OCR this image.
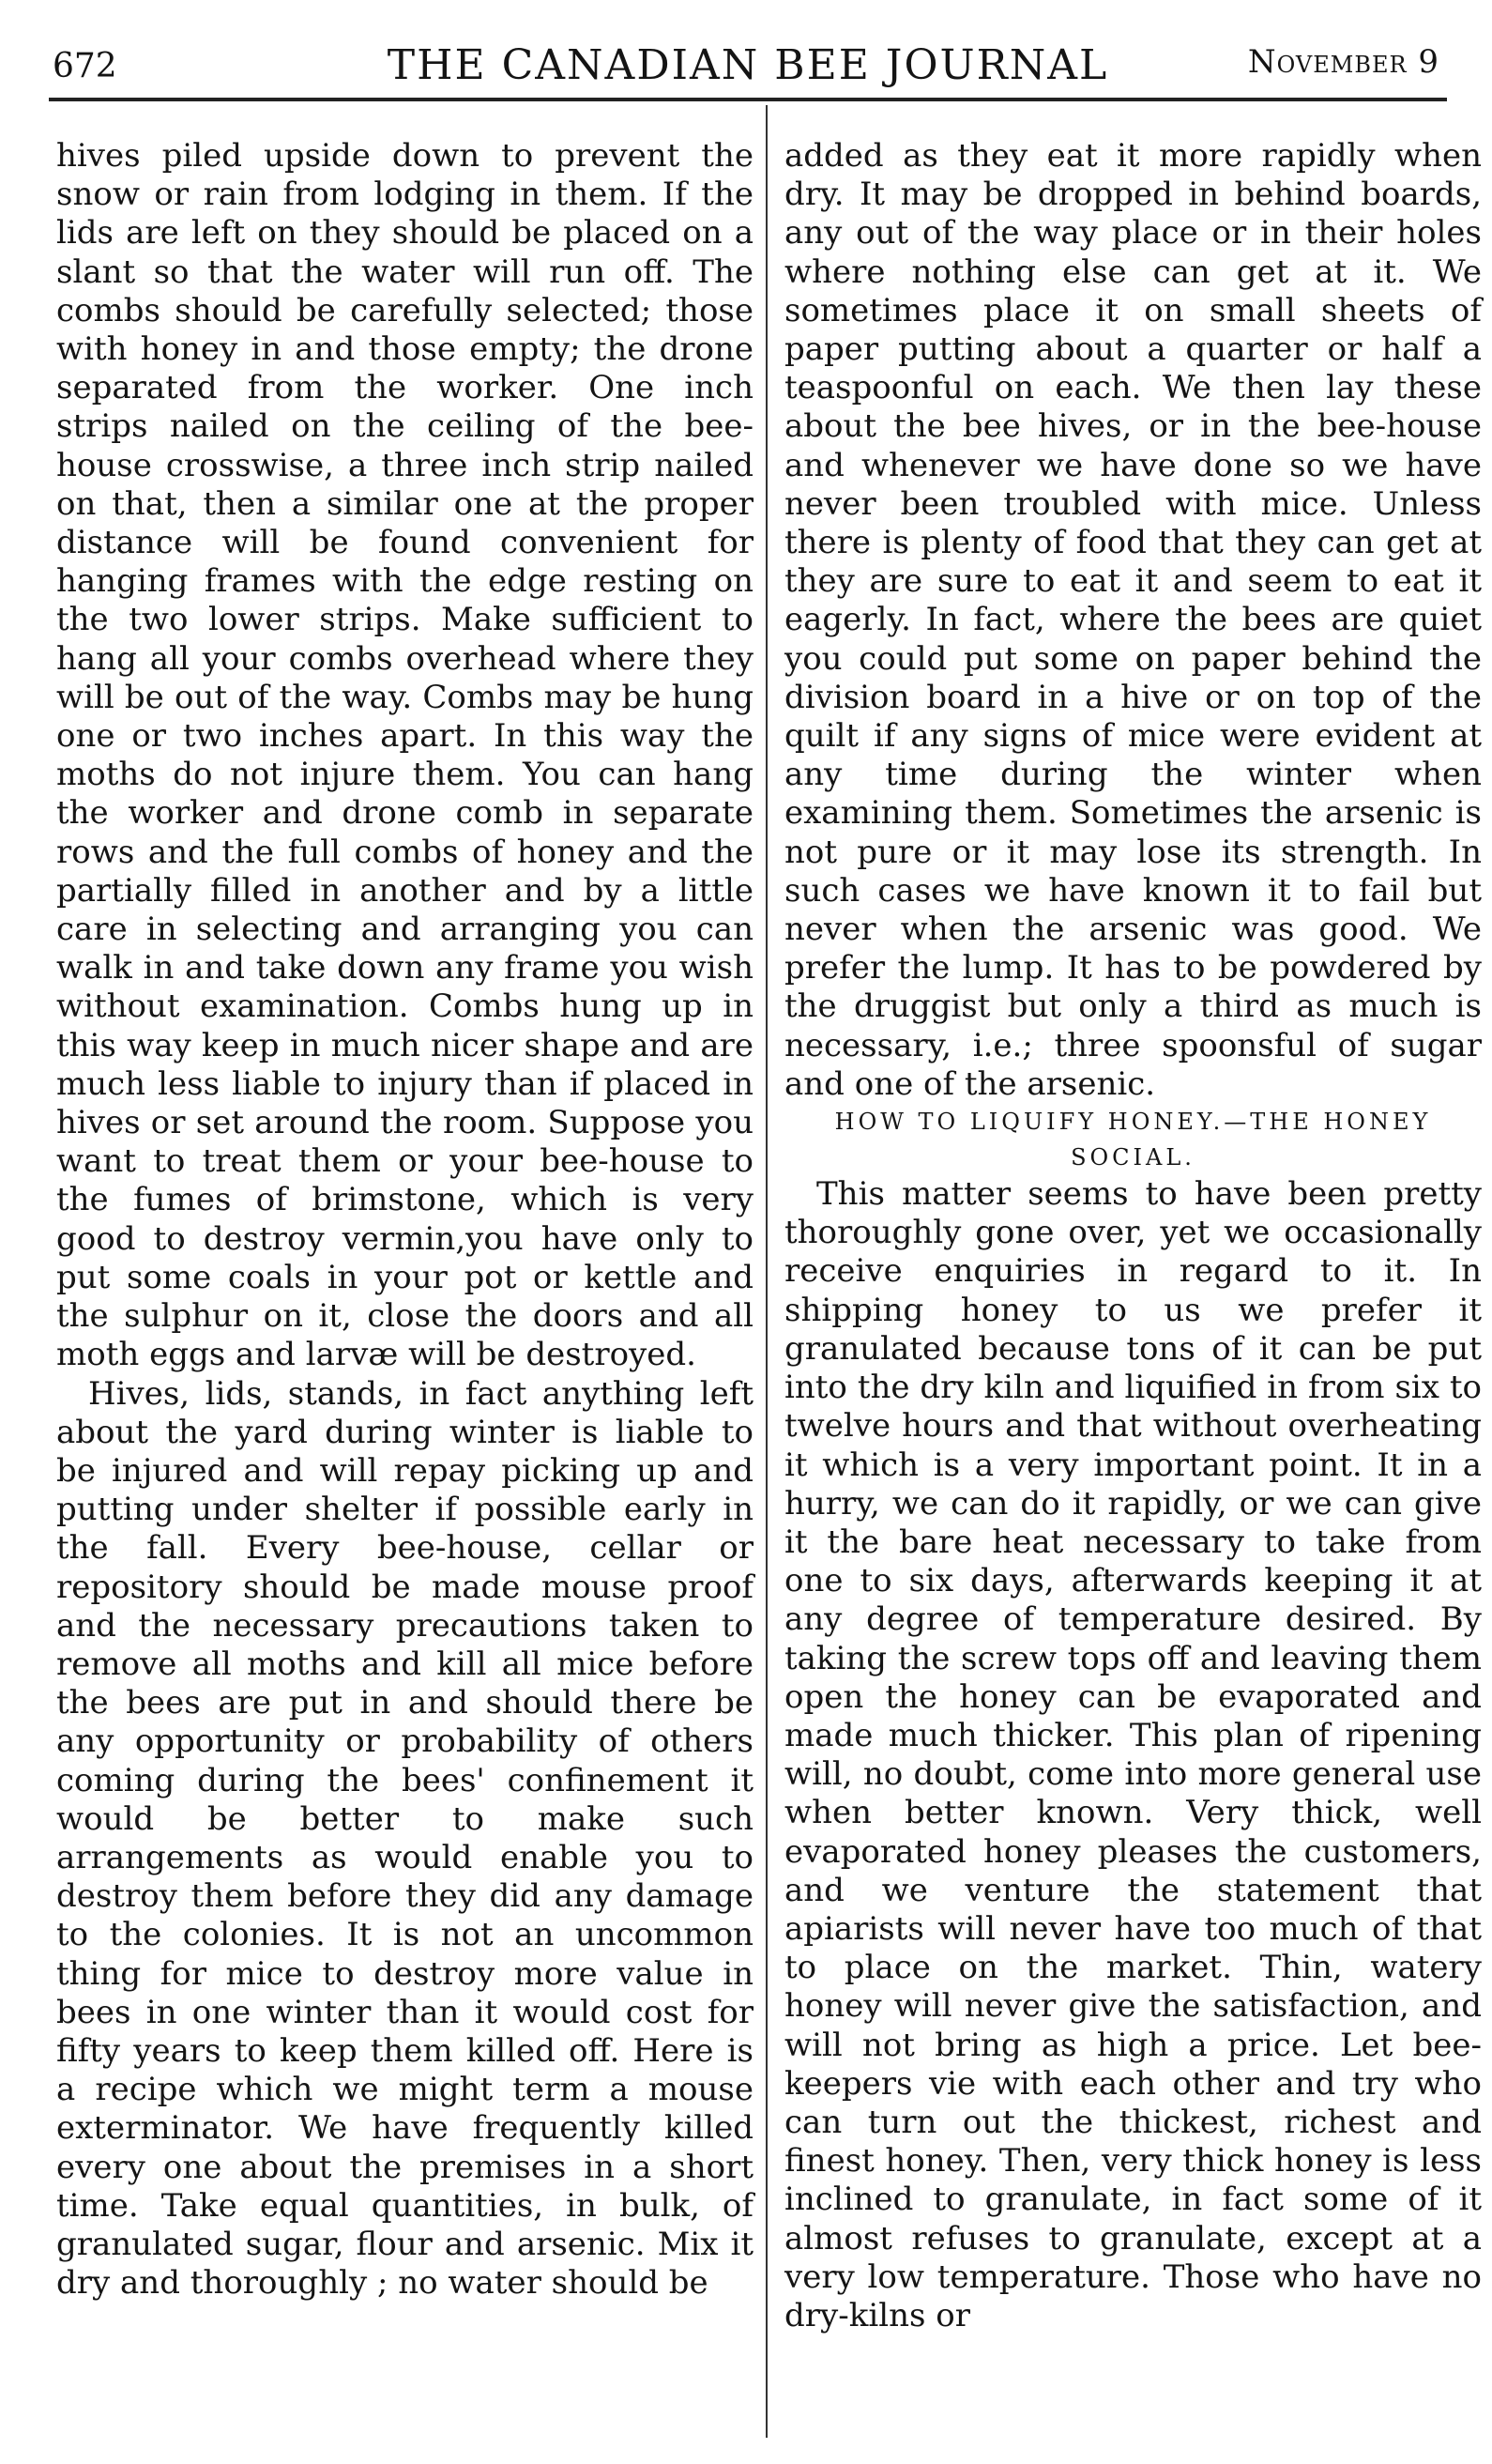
672	THE CANADIAN BEE JOURNAL	November 9

hives piled upside down to prevent the snow or rain from lodging in them. If the lids are left on they should be placed on a slant so that the water will run off. The combs should be carefully selected; those with honey in and those empty; the drone separated from the worker. One inch strips nailed on the ceiling of the bee-house crosswise, a three inch strip nailed on that, then a similar one at the proper distance will be found convenient for hanging frames with the edge resting on the two lower strips. Make sufficient to hang all your combs overhead where they will be out of the way. Combs may be hung one or two inches apart. In this way the moths do not injure them. You can hang the worker and drone comb in separate rows and the full combs of honey and the partially filled in another and by a little care in selecting and arranging you can walk in and take down any frame you wish without examination. Combs hung up in this way keep in much nicer shape and are much less liable to injury than if placed in hives or set around the room. Suppose you want to treat them or your bee-house to the fumes of brimstone, which is very good to destroy vermin,you have only to put some coals in your pot or kettle and the sulphur on it, close the doors and all moth eggs and larvæ will be destroyed.

Hives, lids, stands, in fact anything left about the yard during winter is liable to be injured and will repay picking up and putting under shelter if possible early in the fall. Every bee-house, cellar or repository should be made mouse proof and the necessary precautions taken to remove all moths and kill all mice before the bees are put in and should there be any opportunity or probability of others coming during the bees' confinement it would be better to make such arrangements as would enable you to destroy them before they did any damage to the colonies. It is not an uncommon thing for mice to destroy more value in bees in one winter than it would cost for fifty years to keep them killed off. Here is a recipe which we might term a mouse exterminator. We have frequently killed every one about the premises in a short time. Take equal quantities, in bulk, of granulated sugar, flour and arsenic. Mix it dry and thoroughly ; no water should be

added as they eat it more rapidly when dry. It may be dropped in behind boards, any out of the way place or in their holes where nothing else can get at it. We sometimes place it on small sheets of paper putting about a quarter or half a teaspoonful on each. We then lay these about the bee hives, or in the bee-house and whenever we have done so we have never been troubled with mice. Unless there is plenty of food that they can get at they are sure to eat it and seem to eat it eagerly. In fact, where the bees are quiet you could put some on paper behind the division board in a hive or on top of the quilt if any signs of mice were evident at any time during the winter when examining them. Sometimes the arsenic is not pure or it may lose its strength. In such cases we have known it to fail but never when the arsenic was good. We prefer the lump. It has to be powdered by the druggist but only a third as much is necessary, i.e.; three spoonsful of sugar and one of the arsenic.

HOW TO LIQUIFY HONEY.—THE HONEY SOCIAL.

This matter seems to have been pretty thoroughly gone over, yet we occasionally receive enquiries in regard to it. In shipping honey to us we prefer it granulated because tons of it can be put into the dry kiln and liquified in from six to twelve hours and that without overheating it which is a very important point. It in a hurry, we can do it rapidly, or we can give it the bare heat necessary to take from one to six days, afterwards keeping it at any degree of temperature desired. By taking the screw tops off and leaving them open the honey can be evaporated and made much thicker. This plan of ripening will, no doubt, come into more general use when better known. Very thick, well evaporated honey pleases the customers, and we venture the statement that apiarists will never have too much of that to place on the market. Thin, watery honey will never give the satisfaction, and will not bring as high a price. Let bee-keepers vie with each other and try who can turn out the thickest, richest and finest honey. Then, very thick honey is less inclined to granulate, in fact some of it almost refuses to granulate, except at a very low temperature. Those who have no dry-kilns or
